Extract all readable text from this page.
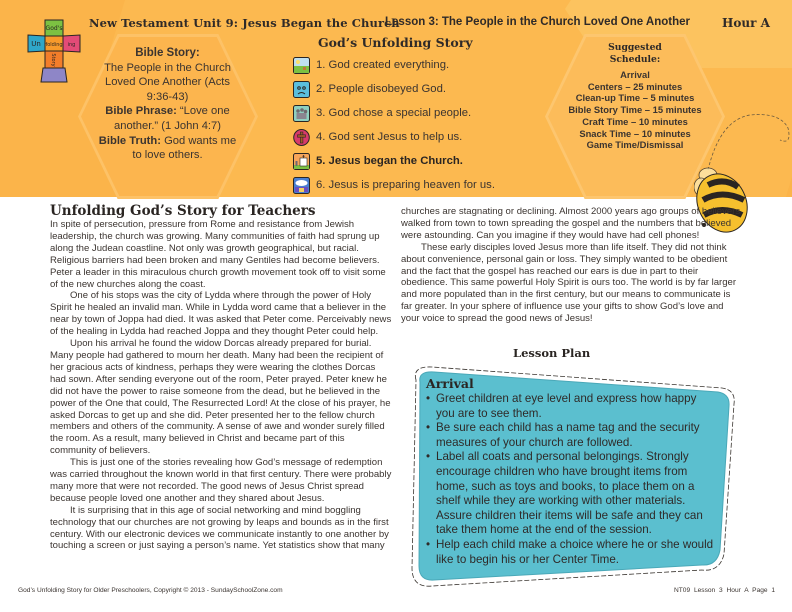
God's
Un folding ing
Story
New Testament Unit 9: Jesus Began the Church
Lesson 3: The People in the Church Loved One Another	Hour A
Bible Story:
The People in the Church Loved One Another (Acts 9:36-43)
Bible Phrase: “Love one another.” (1 John 4:7)
Bible Truth: God wants me to love others.
God’s Unfolding Story
1. God created everything.
2. People disobeyed God.
3. God chose a special people.
4. God sent Jesus to help us.
5. Jesus began the Church.
6. Jesus is preparing heaven for us.
Suggested
Schedule:
Arrival
Centers – 25 minutes
Clean-up Time – 5 minutes
Bible Story Time – 15 minutes
Craft Time – 10 minutes
Snack Time – 10 minutes
Game Time/Dismissal
Unfolding God’s Story for Teachers

In spite of persecution, pressure from Rome and resistance from Jewish leadership, the church was growing. Many communities of faith had sprung up along the Judean coastline. Not only was growth geographical, but racial. Religious barriers had been broken and many Gentiles had become believers. Peter a leader in this miraculous church growth movement took off to visit some of the new churches along the coast.

One of his stops was the city of Lydda where through the power of Holy Spirit he healed an invalid man. While in Lydda word came that a believer in the near by town of Joppa had died. It was asked that Peter come. Perceivably news of the healing in Lydda had reached Joppa and they thought Peter could help.

Upon his arrival he found the widow Dorcas already prepared for burial. Many people had gathered to mourn her death. Many had been the recipient of her gracious acts of kindness, perhaps they were wearing the clothes Dorcas had sown. After sending everyone out of the room, Peter prayed. Peter knew he did not have the power to raise someone from the dead, but he believed in the power of the One that could, The Resurrected Lord! At the close of his prayer, he asked Dorcas to get up and she did. Peter presented her to the fellow church members and others of the community. A sense of awe and wonder surely filled the room. As a result, many believed in Christ and became part of this community of believers.

This is just one of the stories revealing how God’s message of redemption was carried throughout the known world in that first century. There were probably many more that were not recorded. The good news of Jesus Christ spread because people loved one another and they shared about Jesus.

It is surprising that in this age of social networking and mind boggling technology that our churches are not growing by leaps and bounds as in the first century. With our electronic devices we communicate instantly to one another by touching a screen or just saying a person’s name. Yet statistics show that many

churches are stagnating or declining. Almost 2000 years ago groups of believers walked from town to town spreading the gospel and the numbers that believed were astounding. Can you imagine if they would have had cell phones!

These early disciples loved Jesus more than life itself. They did not think about convenience, personal gain or loss. They simply wanted to be obedient and the fact that the gospel has reached our ears is due in part to their obedience. This same powerful Holy Spirit is ours too. The world is by far larger and more populated than in the first century, but our means to communicate is far greater. In your sphere of influence use your gifts to show God’s love and your voice to spread the good news of Jesus!

Lesson Plan
Arrival
• Greet children at eye level and express how happy you are to see them.
• Be sure each child has a name tag and the security measures of your church are followed.
• Label all coats and personal belongings. Strongly encourage children who have brought items from home, such as toys and books, to place them on a shelf while they are working with other materials. Assure children their items will be safe and they can take them home at the end of the session.
• Help each child make a choice where he or she would like to begin his or her Center Time.
God’s Unfolding Story for Older Preschoolers, Copyright © 2013 - SundaySchoolZone.com	NT09 Lesson 3 Hour A Page 1
